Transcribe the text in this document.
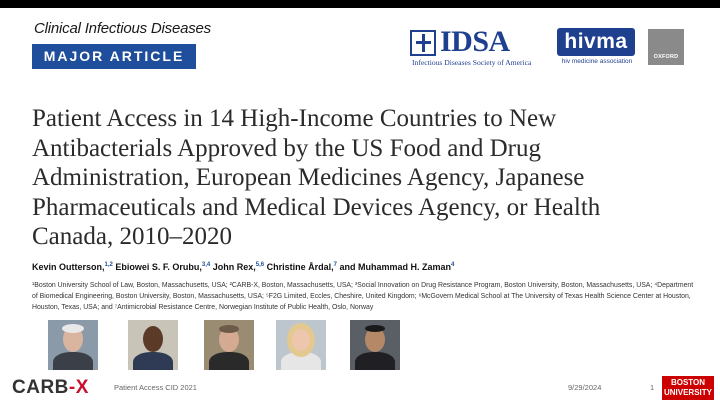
Clinical Infectious Diseases
MAJOR ARTICLE	IDSA
Infectious Diseases Society of America
hivma
hiv medicine association
OXFORD
Patient Access in 14 High-Income Countries to New Antibacterials Approved by the US Food and Drug Administration, European Medicines Agency, Japanese Pharmaceuticals and Medical Devices Agency, or Health Canada, 2010–2020
Kevin Outterson,$^{1,2}$ Ebiowei S. F. Orubu,$^{3,4}$ John Rex,$^{5,6}$ Christine Årdal,$^7$ and Muhammad H. Zaman$^4$
¹Boston University School of Law, Boston, Massachusetts, USA; ²CARB-X, Boston, Massachusetts, USA; ³Social Innovation on Drug Resistance Program, Boston University, Boston, Massachusetts, USA; ⁴Department of Biomedical Engineering, Boston University, Boston, Massachusetts, USA; ⁵F2G Limited, Eccles, Cheshire, United Kingdom; ⁶McGovern Medical School at The University of Texas Health Science Center at Houston, Houston, Texas, USA; and ⁷Antimicrobial Resistance Centre, Norwegian Institute of Public Health, Oslo, Norway
CARB-X	Patient Access CID 2021	9/29/2024	1
BOSTON
UNIVERSITY
